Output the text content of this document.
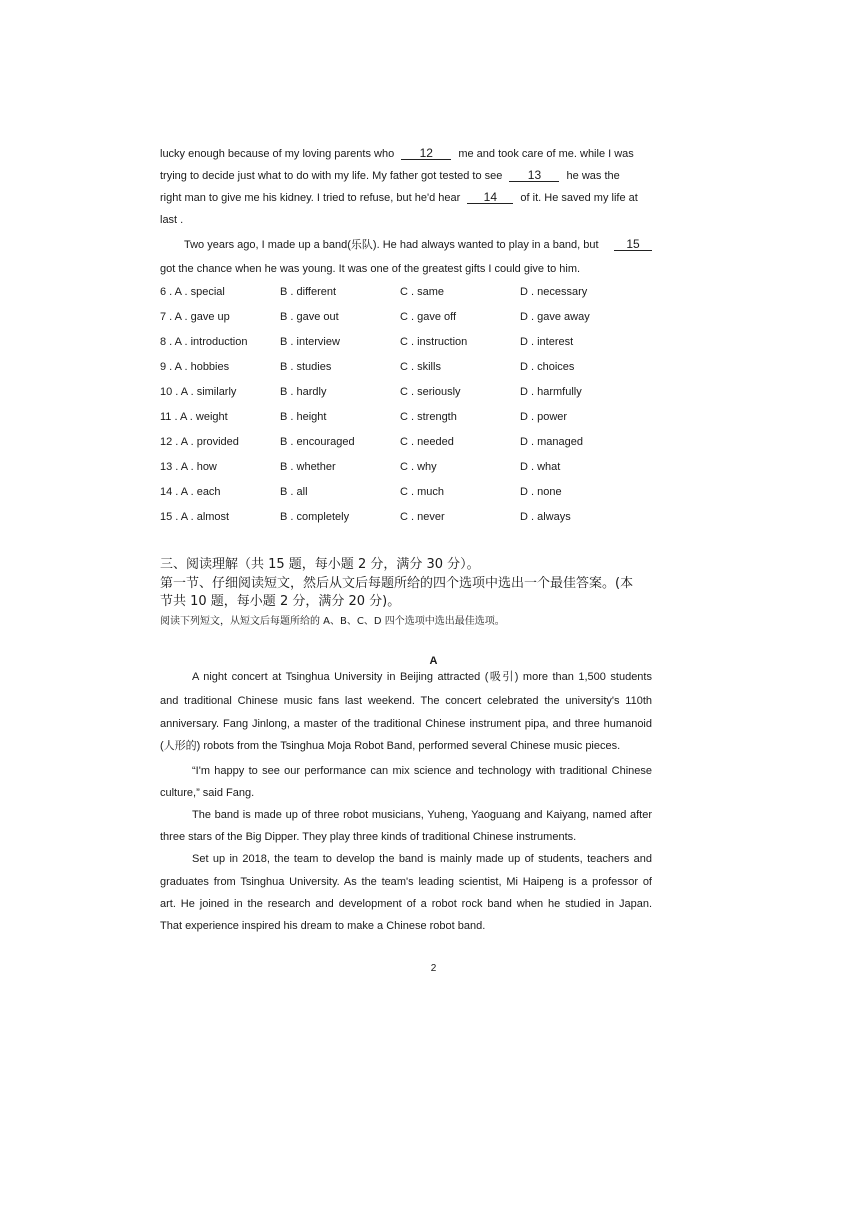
lucky enough because of my loving parents who 12 me and took care of me. while I was
trying to decide just what to do with my life. My father got tested to see 13 he was the
right man to give me his kidney. I tried to refuse, but he'd hear 14 of it. He saved my life at
last .
Two years ago, I made up a band(乐队). He had always wanted to play in a band, but	15
got the chance when he was young. It was one of the greatest gifts I could give to him.
6 . A . special	B . different	C . same	D . necessary
7 . A . gave up	B . gave out	C . gave off	D . gave away
8 . A . introduction	B . interview	C . instruction	D . interest
9 . A . hobbies	B . studies	C . skills	D . choices
10 . A . similarly	B . hardly	C . seriously	D . harmfully
11 . A . weight	B . height	C . strength	D . power
12 . A . provided	B . encouraged	C . needed	D . managed
13 . A . how	B . whether	C . why	D . what
14 . A . each	B . all	C . much	D . none
15 . A . almost	B . completely	C . never	D . always
三、阅读理解（共 15 题，每小题 2 分，满分 30 分）。
第一节、仔细阅读短文，然后从文后每题所给的四个选项中选出一个最佳答案。(本
节共 10 题，每小题 2 分，满分 20 分)。
阅读下列短文，从短文后每题所给的 A、B、C、D 四个选项中选出最佳选项。
A
A night concert at Tsinghua University in Beijing attracted (吸引) more than 1,500 students
and traditional Chinese music fans last weekend. The concert celebrated the university's 110th
anniversary. Fang Jinlong, a master of the traditional Chinese instrument pipa, and three humanoid
(人形的) robots from the Tsinghua Moja Robot Band, performed several Chinese music pieces.
“I'm happy to see our performance can mix science and technology with traditional Chinese
culture,” said Fang.
The band is made up of three robot musicians, Yuheng, Yaoguang and Kaiyang, named after
three stars of the Big Dipper. They play three kinds of traditional Chinese instruments.
Set up in 2018, the team to develop the band is mainly made up of students, teachers and
graduates from Tsinghua University. As the team's leading scientist, Mi Haipeng is a professor of
art. He joined in the research and development of a robot rock band when he studied in Japan.
That experience inspired his dream to make a Chinese robot band.
2
